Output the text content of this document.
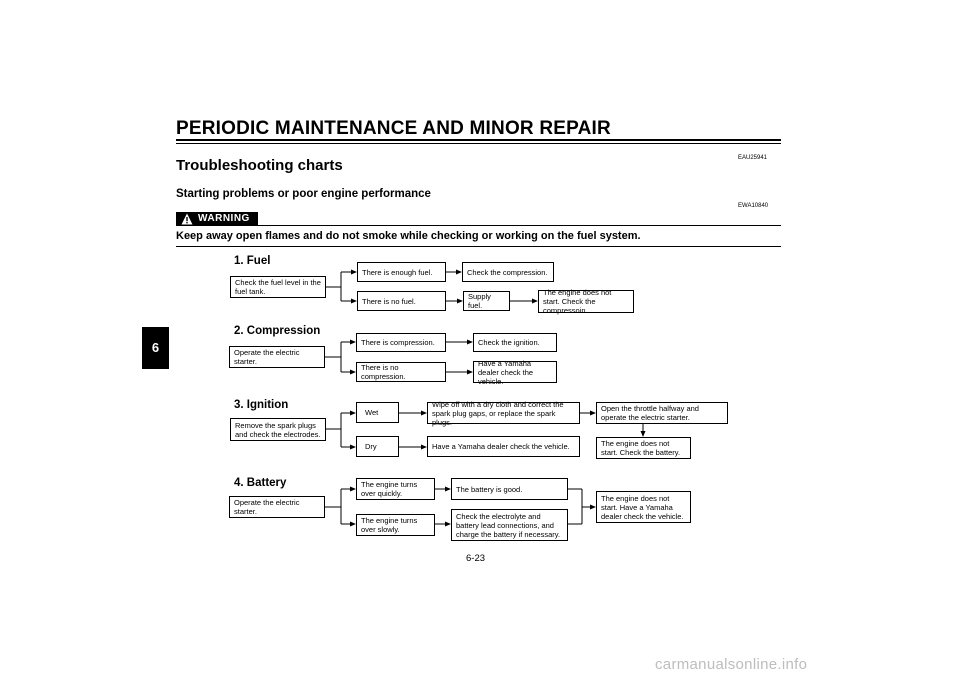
PERIODIC MAINTENANCE AND MINOR REPAIR
EAU25941
Troubleshooting charts
Starting problems or poor engine performance
6
EWA10840
WARNING
Keep away open flames and do not smoke while checking or working on the fuel system.
1. Fuel
Check the fuel level in the fuel tank.
There is enough fuel.	Check the compression.
There is no fuel.	Supply fuel.
The engine does not start. Check the compressoin.
2. Compression
Operate the electric starter.
There is compression.	Check the ignition.
There is no compression.
Have a Yamaha dealer check the vehicle.
3. Ignition
Remove the spark plugs and check the electrodes.
Wet
Wipe off with a dry cloth and correct the spark plug gaps, or replace the spark plugs.
Open the throttle halfway and operate the electric starter.
The engine does not start. Check the battery.
Dry	Have a Yamaha dealer check the vehicle.
4. Battery
Operate the electric starter.
The engine turns over quickly.	The battery is good.
The engine turns over slowly.
Check the electrolyte and battery lead connections, and charge the battery if necessary.
The engine does not start. Have a Yamaha dealer check the vehicle.
6-23
carmanualsonline.info
